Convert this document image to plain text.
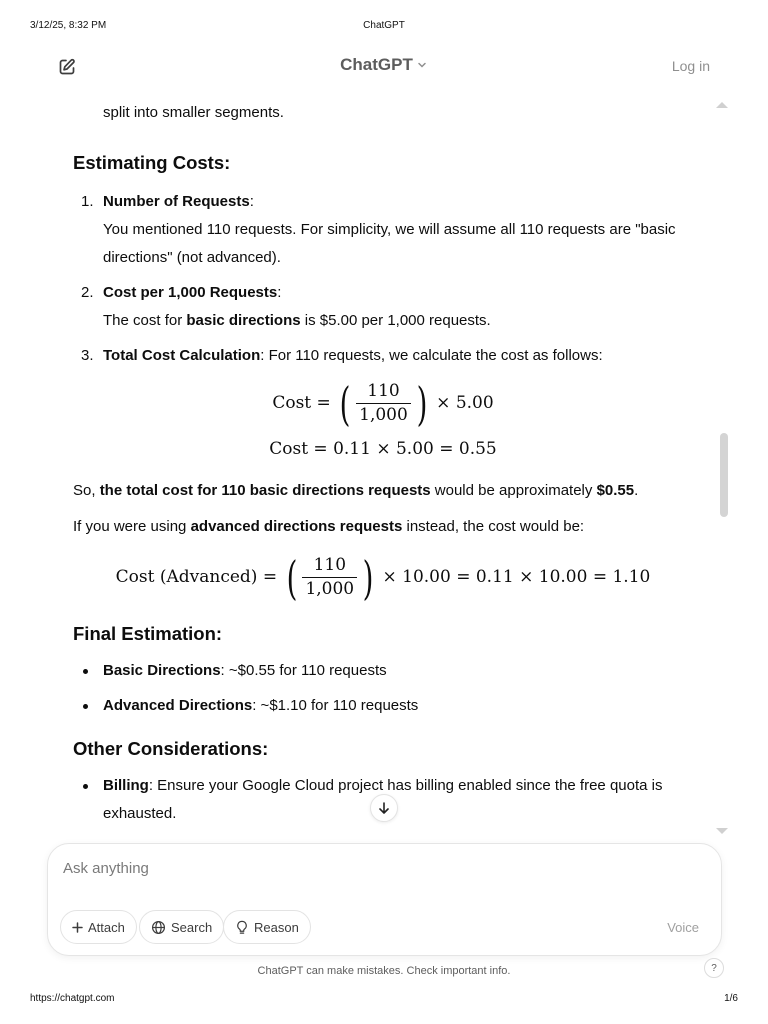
3/12/25, 8:32 PM	ChatGPT
ChatGPT	Log in
split into smaller segments.
Estimating Costs:
1. Number of Requests:
You mentioned 110 requests. For simplicity, we will assume all 110 requests are "basic directions" (not advanced).
2. Cost per 1,000 Requests:
The cost for basic directions is $5.00 per 1,000 requests.
3. Total Cost Calculation: For 110 requests, we calculate the cost as follows:
Cost = ( $\frac{110}{1,000}$ ) × 5.00
Cost = 0.11 × 5.00 = 0.55
So, the total cost for 110 basic directions requests would be approximately $0.55.
If you were using advanced directions requests instead, the cost would be:
Cost (Advanced) = ( $\frac{110}{1,000}$ ) × 10.00 = 0.11 × 10.00 = 1.10
Final Estimation:
Basic Directions: ~$0.55 for 110 requests
Advanced Directions: ~$1.10 for 110 requests
Other Considerations:
Billing: Ensure your Google Cloud project has billing enabled since the free quota is exhausted.
Ask anything
Attach	Search	Reason	Voice
ChatGPT can make mistakes. Check important info.	?
https://chatgpt.com	1/6
